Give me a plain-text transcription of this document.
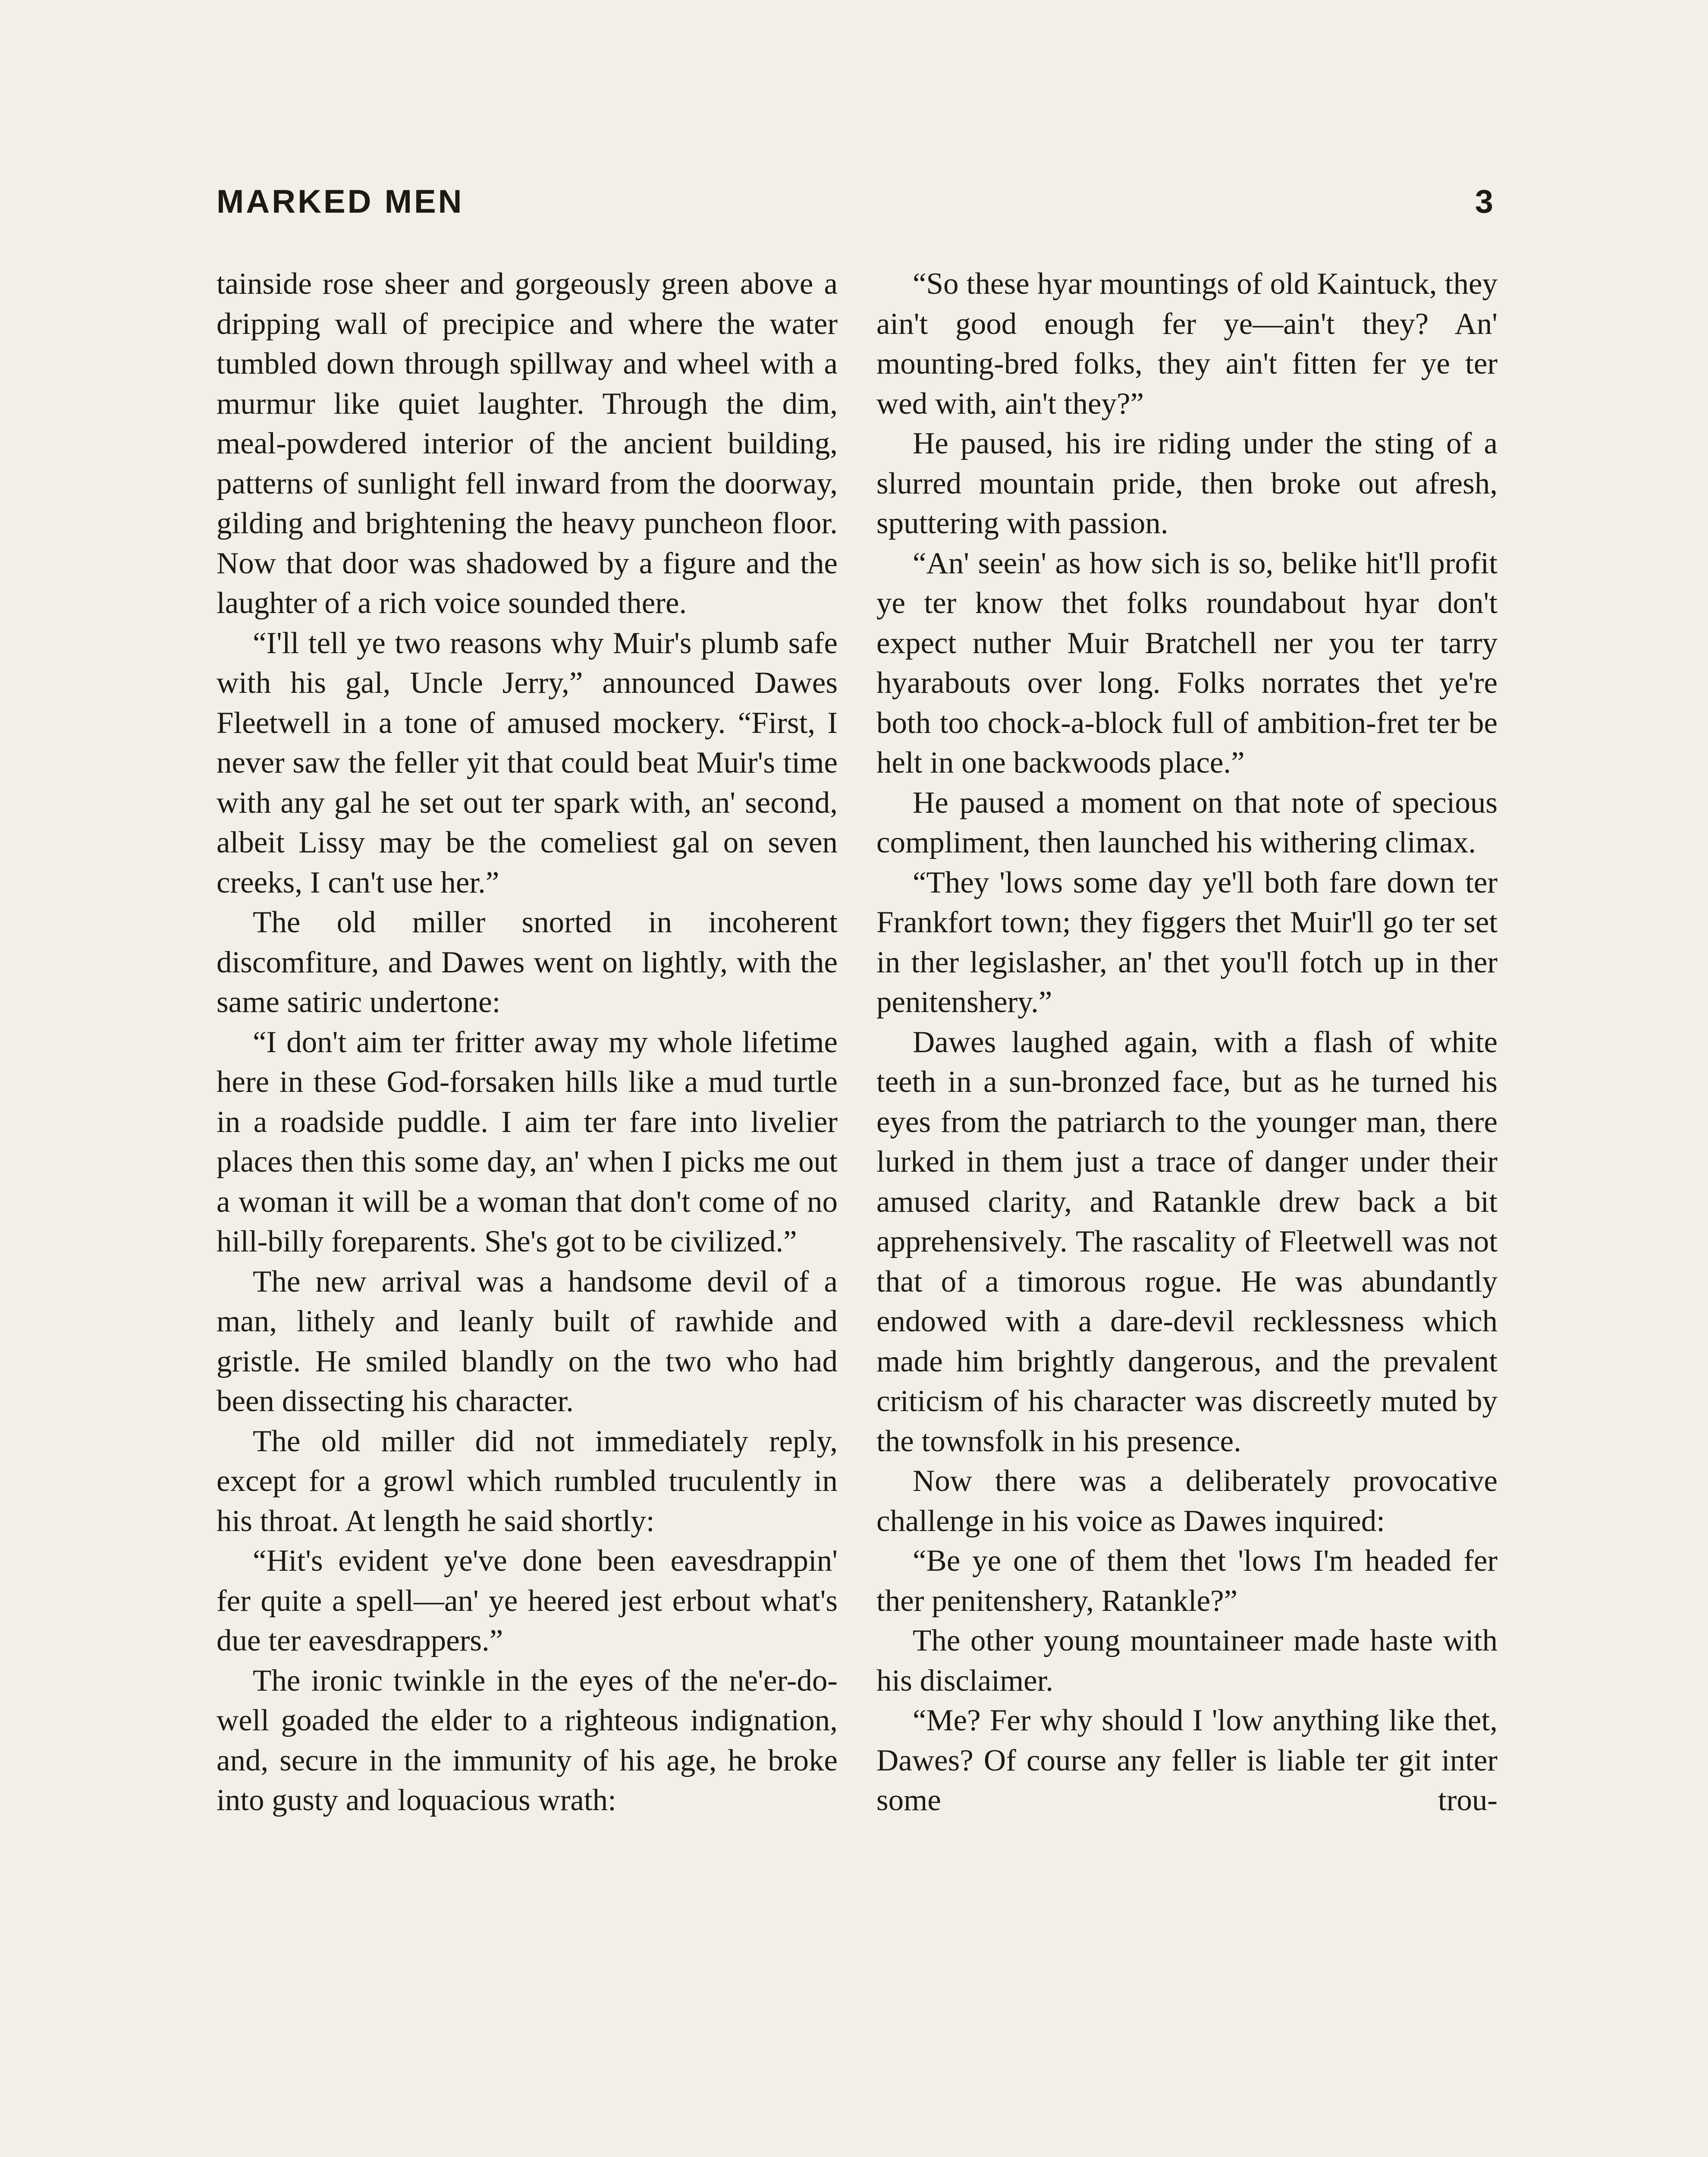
MARKED MEN	3

tainside rose sheer and gorgeously green above a dripping wall of precipice and where the water tumbled down through spillway and wheel with a murmur like quiet laughter. Through the dim, meal-powdered interior of the ancient building, patterns of sunlight fell inward from the doorway, gilding and brightening the heavy puncheon floor. Now that door was shadowed by a figure and the laughter of a rich voice sounded there.

“I'll tell ye two reasons why Muir's plumb safe with his gal, Uncle Jerry,” announced Dawes Fleetwell in a tone of amused mockery. “First, I never saw the feller yit that could beat Muir's time with any gal he set out ter spark with, an' second, albeit Lissy may be the comeliest gal on seven creeks, I can't use her.”

The old miller snorted in incoherent discomfiture, and Dawes went on lightly, with the same satiric undertone:

“I don't aim ter fritter away my whole lifetime here in these God-forsaken hills like a mud turtle in a roadside puddle. I aim ter fare into livelier places then this some day, an' when I picks me out a woman it will be a woman that don't come of no hill-billy foreparents. She's got to be civilized.”

The new arrival was a handsome devil of a man, lithely and leanly built of rawhide and gristle. He smiled blandly on the two who had been dissecting his character.

The old miller did not immediately reply, except for a growl which rumbled truculently in his throat. At length he said shortly:

“Hit's evident ye've done been eavesdrappin' fer quite a spell—an' ye heered jest erbout what's due ter eavesdrappers.”

The ironic twinkle in the eyes of the ne'er-do-well goaded the elder to a righteous indignation, and, secure in the immunity of his age, he broke into gusty and loquacious wrath:

“So these hyar mountings of old Kaintuck, they ain't good enough fer ye—ain't they? An' mounting-bred folks, they ain't fitten fer ye ter wed with, ain't they?”

He paused, his ire riding under the sting of a slurred mountain pride, then broke out afresh, sputtering with passion.

“An' seein' as how sich is so, belike hit'll profit ye ter know thet folks roundabout hyar don't expect nuther Muir Bratchell ner you ter tarry hyarabouts over long. Folks norrates thet ye're both too chock-a-block full of ambition-fret ter be helt in one backwoods place.”

He paused a moment on that note of specious compliment, then launched his withering climax.

“They 'lows some day ye'll both fare down ter Frankfort town; they figgers thet Muir'll go ter set in ther legislasher, an' thet you'll fotch up in ther penitenshery.”

Dawes laughed again, with a flash of white teeth in a sun-bronzed face, but as he turned his eyes from the patriarch to the younger man, there lurked in them just a trace of danger under their amused clarity, and Ratankle drew back a bit apprehensively. The rascality of Fleetwell was not that of a timorous rogue. He was abundantly endowed with a dare-devil recklessness which made him brightly dangerous, and the prevalent criticism of his character was discreetly muted by the townsfolk in his presence.

Now there was a deliberately provocative challenge in his voice as Dawes inquired:

“Be ye one of them thet 'lows I'm headed fer ther penitenshery, Ratankle?”

The other young mountaineer made haste with his disclaimer.

“Me? Fer why should I 'low anything like thet, Dawes? Of course any feller is liable ter git inter some trou-
